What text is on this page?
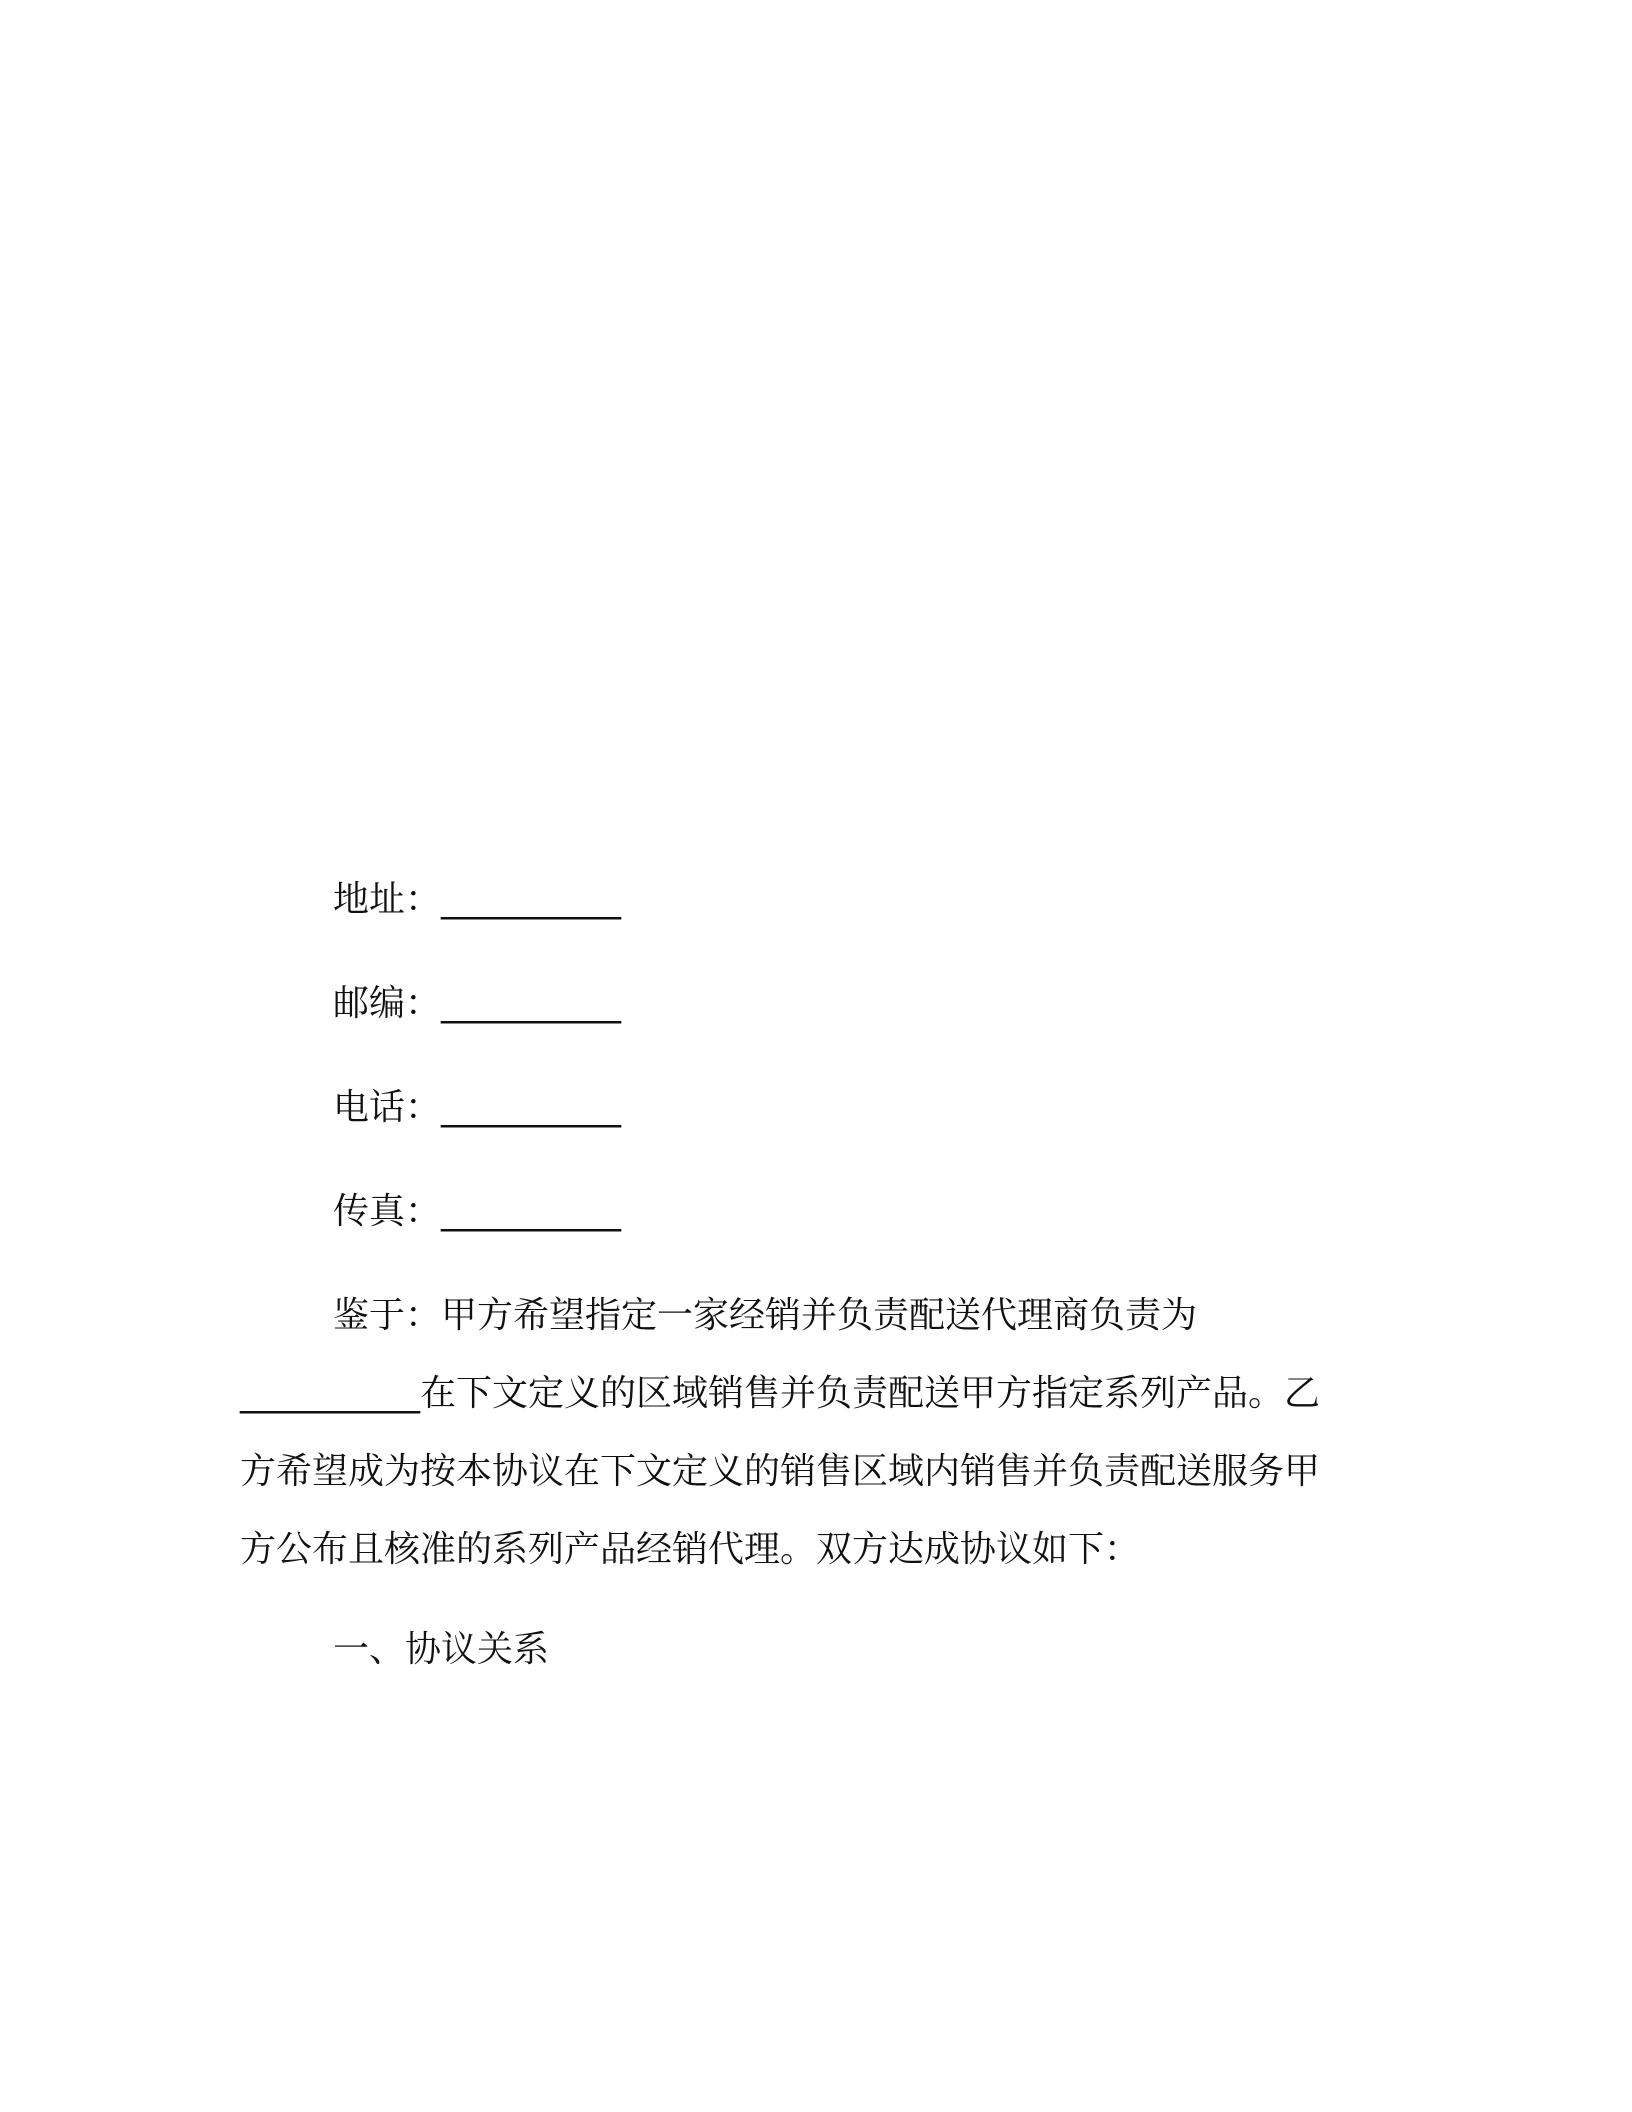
地址：__________
邮编：__________
电话：__________
传真：__________
鉴于：甲方希望指定一家经销并负责配送代理商负责为
__________在下文定义的区域销售并负责配送甲方指定系列产品。乙
方希望成为按本协议在下文定义的销售区域内销售并负责配送服务甲
方公布且核准的系列产品经销代理。双方达成协议如下：
一、协议关系
